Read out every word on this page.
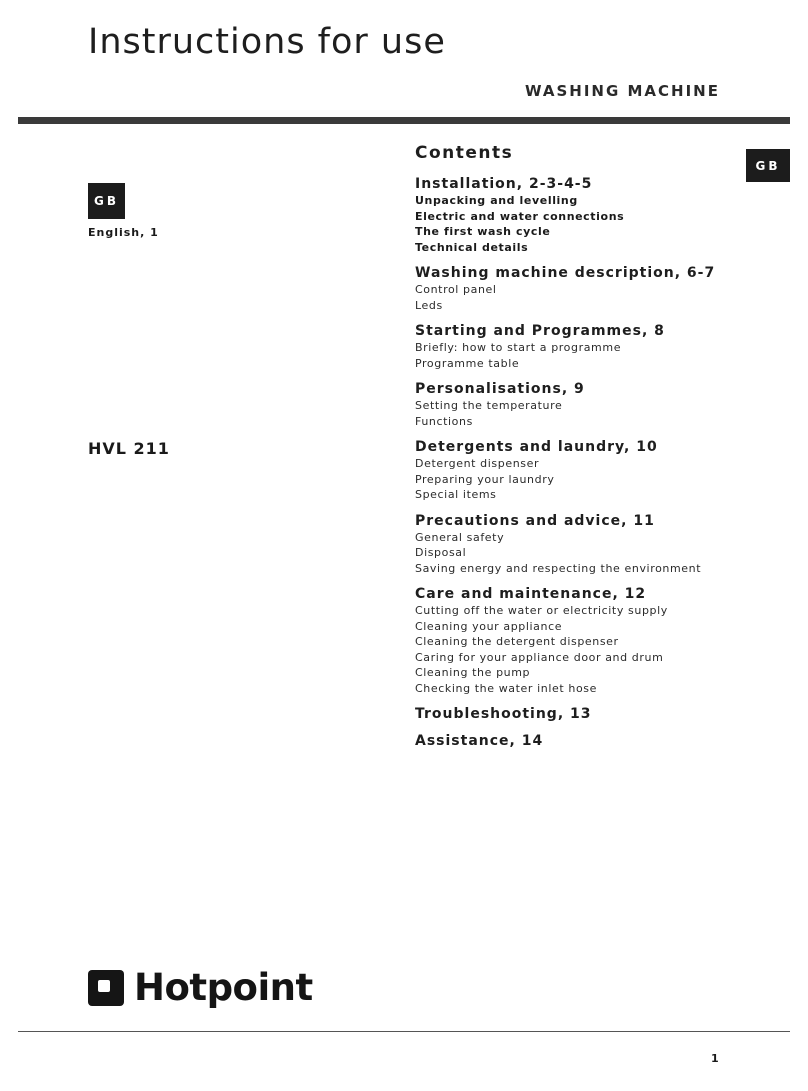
Instructions for use
WASHING MACHINE
GB
English, 1
HVL 211
GB
Contents
Installation, 2-3-4-5
Unpacking and levelling
Electric and water connections
The first wash cycle
Technical details
Washing machine description, 6-7
Control panel
Leds
Starting and Programmes, 8
Briefly: how to start a programme
Programme table
Personalisations, 9
Setting the temperature
Functions
Detergents and laundry, 10
Detergent dispenser
Preparing your laundry
Special items
Precautions and advice, 11
General safety
Disposal
Saving energy and respecting the environment
Care and maintenance, 12
Cutting off the water or electricity supply
Cleaning your appliance
Cleaning the detergent dispenser
Caring for your appliance door and drum
Cleaning the pump
Checking the water inlet hose
Troubleshooting, 13
Assistance, 14
Hotpoint
1
